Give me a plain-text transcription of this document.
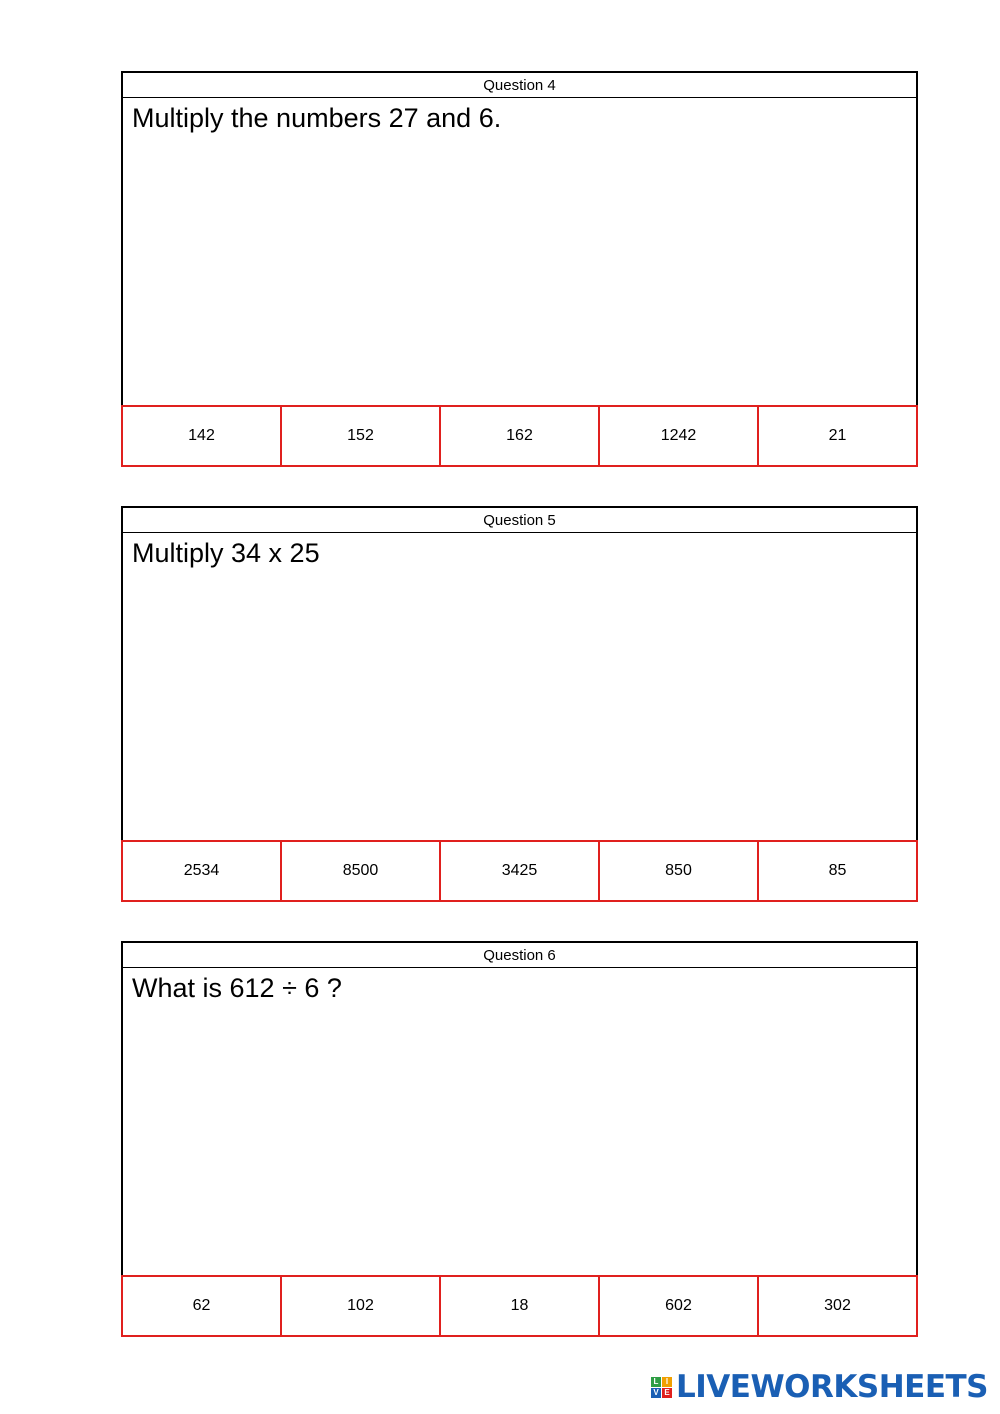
Question 4
Multiply the numbers 27 and 6.
142	152	162	1242	21
Question 5
Multiply 34 x 25
2534	8500	3425	850	85
Question 6
What is 612 ÷ 6 ?
62	102	18	602	302
L I
V E LIVEWORKSHEETS
